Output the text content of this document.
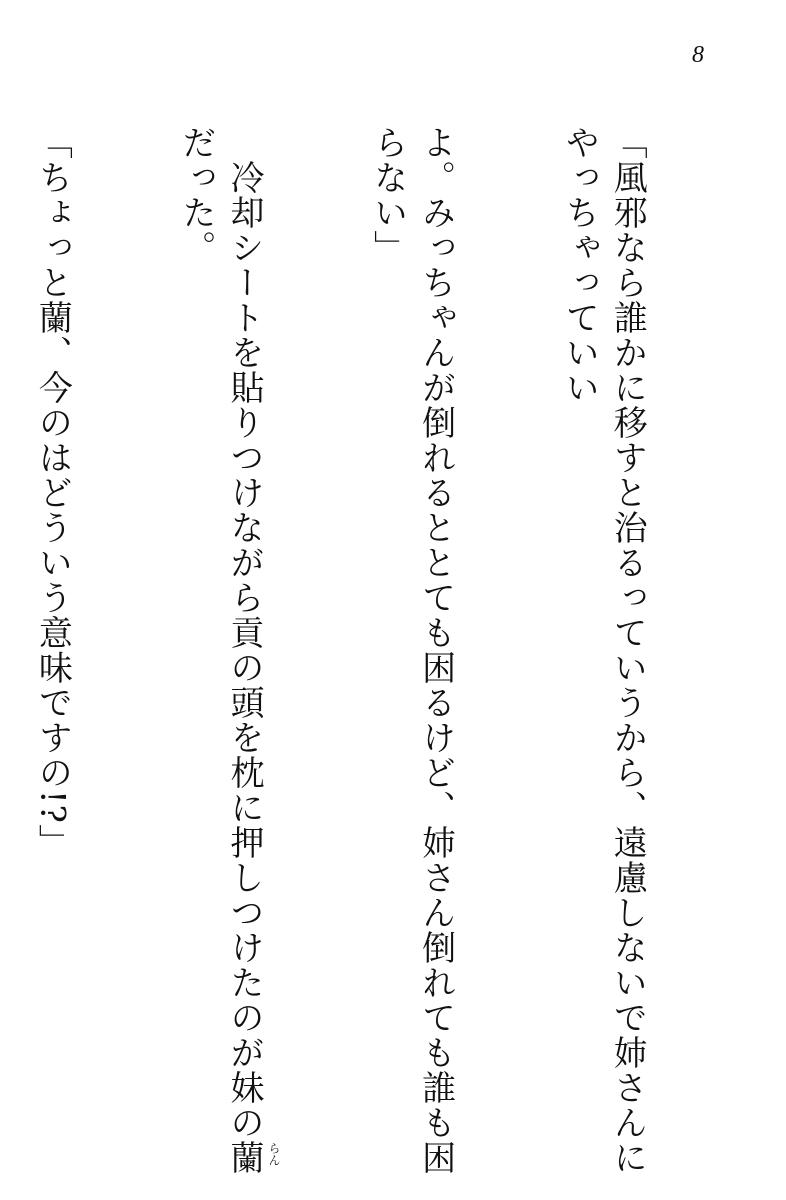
8

「風邪なら誰かに移すと治るっていうから、遠慮しないで姉さんにやっちゃっていい

よ。みっちゃんが倒れるととても困るけど、姉さん倒れても誰も困らない」

　冷却シートを貼りつけながら貢の頭を枕に押しつけたのが妹の蘭 らん
だった。

「ちょっと蘭、今のはどういう意味ですの!?」
